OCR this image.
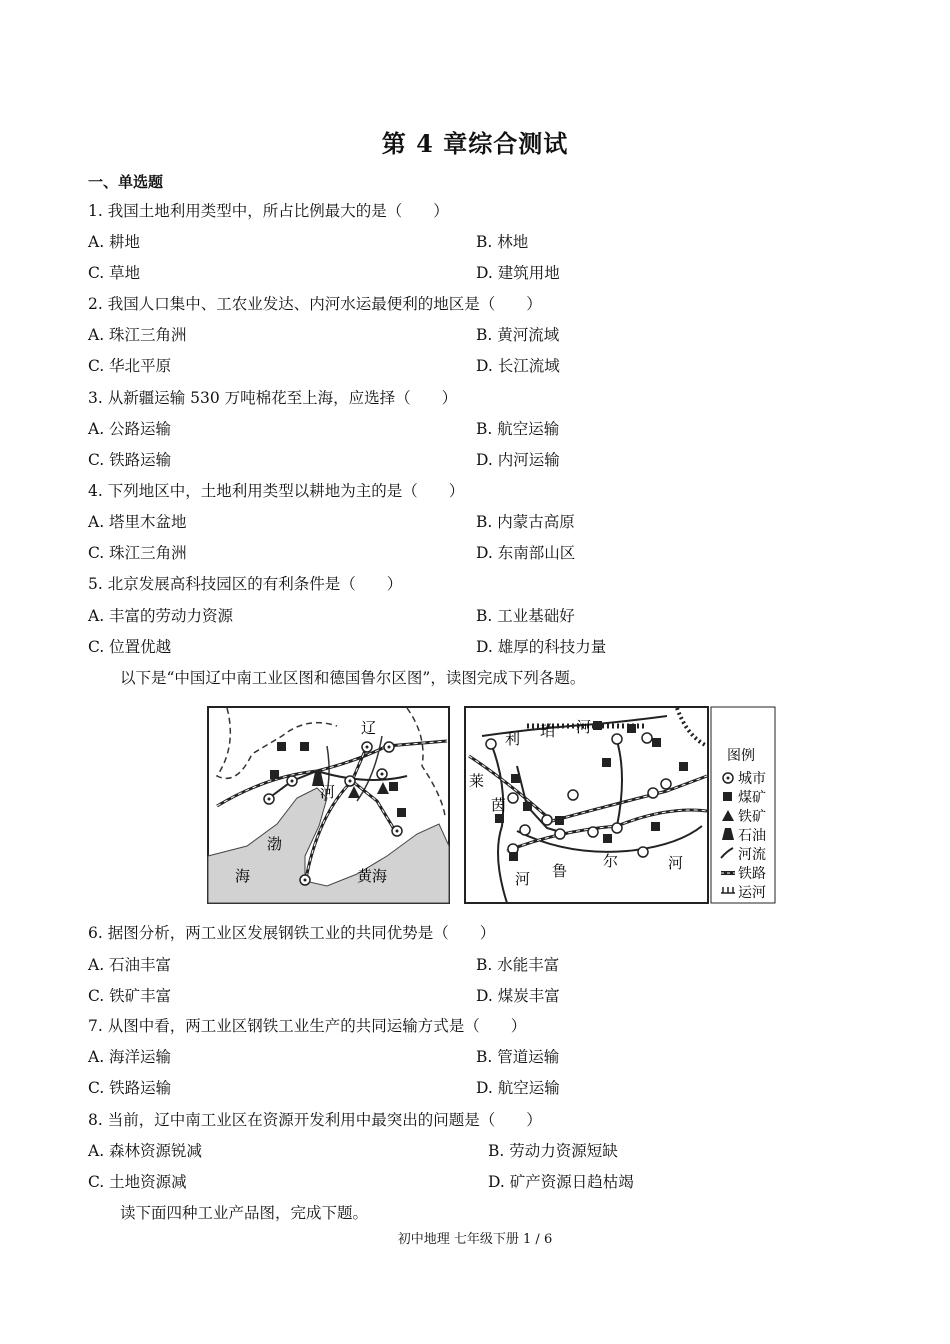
第 4 章综合测试
一、单选题
1. 我国土地利用类型中，所占比例最大的是（　　）
A. 耕地	B. 林地
C. 草地	D. 建筑用地
2. 我国人口集中、工农业发达、内河水运最便利的地区是（　　）
A. 珠江三角洲	B. 黄河流域
C. 华北平原	D. 长江流域
3. 从新疆运输 530 万吨棉花至上海，应选择（　　）
A. 公路运输	B. 航空运输
C. 铁路运输	D. 内河运输
4. 下列地区中，土地利用类型以耕地为主的是（　　）
A. 塔里木盆地	B. 内蒙古高原
C. 珠江三角洲	D. 东南部山区
5. 北京发展高科技园区的有利条件是（　　）
A. 丰富的劳动力资源	B. 工业基础好
C. 位置优越	D. 雄厚的科技力量
以下是“中国辽中南工业区图和德国鲁尔区图”，读图完成下列各题。
辽
河
渤
海	黄海
利 珀 河
莱
茵
河 鲁
尔	河
图例
城市
煤矿
铁矿
石油
河流
铁路
运河
6. 据图分析，两工业区发展钢铁工业的共同优势是（　　）
A. 石油丰富	B. 水能丰富
C. 铁矿丰富	D. 煤炭丰富
7. 从图中看，两工业区钢铁工业生产的共同运输方式是（　　）
A. 海洋运输	B. 管道运输
C. 铁路运输	D. 航空运输
8. 当前，辽中南工业区在资源开发利用中最突出的问题是（　　）
A. 森林资源锐减	B. 劳动力资源短缺
C. 土地资源减	D. 矿产资源日趋枯竭
读下面四种工业产品图，完成下题。
初中地理 七年级下册 1 / 6
